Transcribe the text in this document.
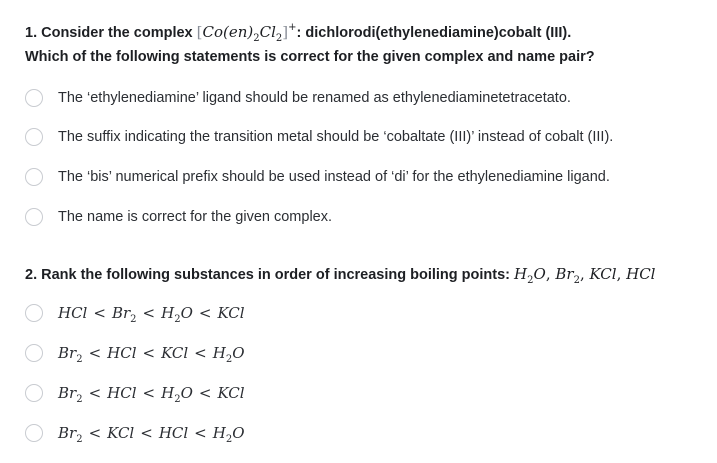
1. Consider the complex $[Co(en)_2Cl_2]^+$: dichlorodi(ethylenediamine)cobalt (III).
Which of the following statements is correct for the given complex and name pair?
The ‘ethylenediamine’ ligand should be renamed as ethylenediaminetetracetato.
The suffix indicating the transition metal should be ‘cobaltate (III)’ instead of cobalt (III).
The ‘bis’ numerical prefix should be used instead of ‘di’ for the ethylenediamine ligand.
The name is correct for the given complex.
2. Rank the following substances in order of increasing boiling points: $H_2O$, $Br_2$, KCl, HCl
HCl < $Br_2 < H_2O$ < KCl
$Br_2$ < HCl < KCl < $H_2O$
$Br_2$ < HCl < $H_2O$ < KCl
$Br_2$ < KCl < HCl < $H_2O$
